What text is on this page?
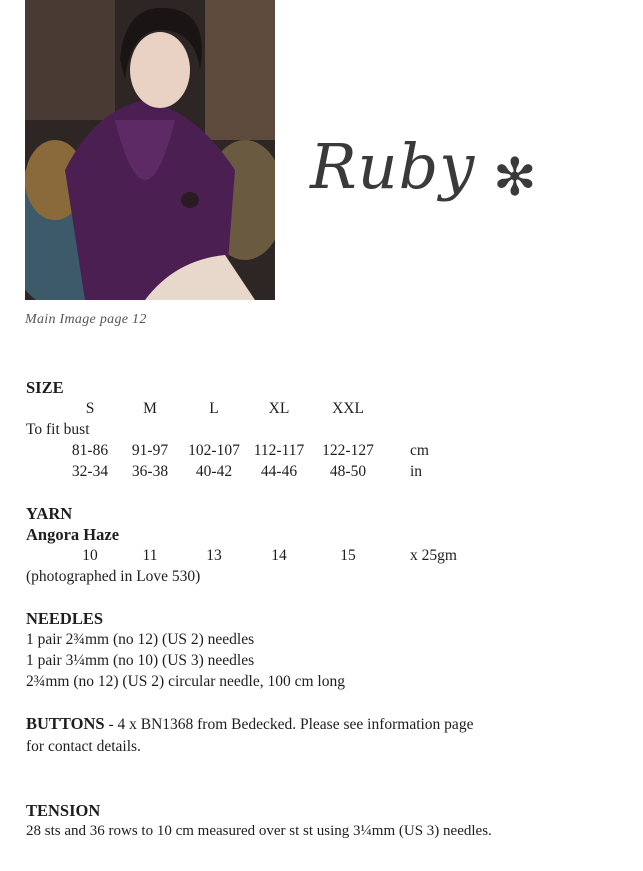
Main Image page 12
Ruby ✻
SIZE
S	M	L	XL	XXL
To fit bust
81-86	91-97	102-107 112-117	122-127	cm
32-34	36-38	40-42	44-46	48-50	in
YARN
Angora Haze
10	11	13	14	15	x 25gm
(photographed in Love 530)
NEEDLES
1 pair 2¾mm (no 12) (US 2) needles
1 pair 3¼mm (no 10) (US 3) needles
2¾mm (no 12) (US 2) circular needle, 100 cm long
BUTTONS - 4 x BN1368 from Bedecked. Please see information page
for contact details.
TENSION
28 sts and 36 rows to 10 cm measured over st st using 3¼mm (US 3) needles.
